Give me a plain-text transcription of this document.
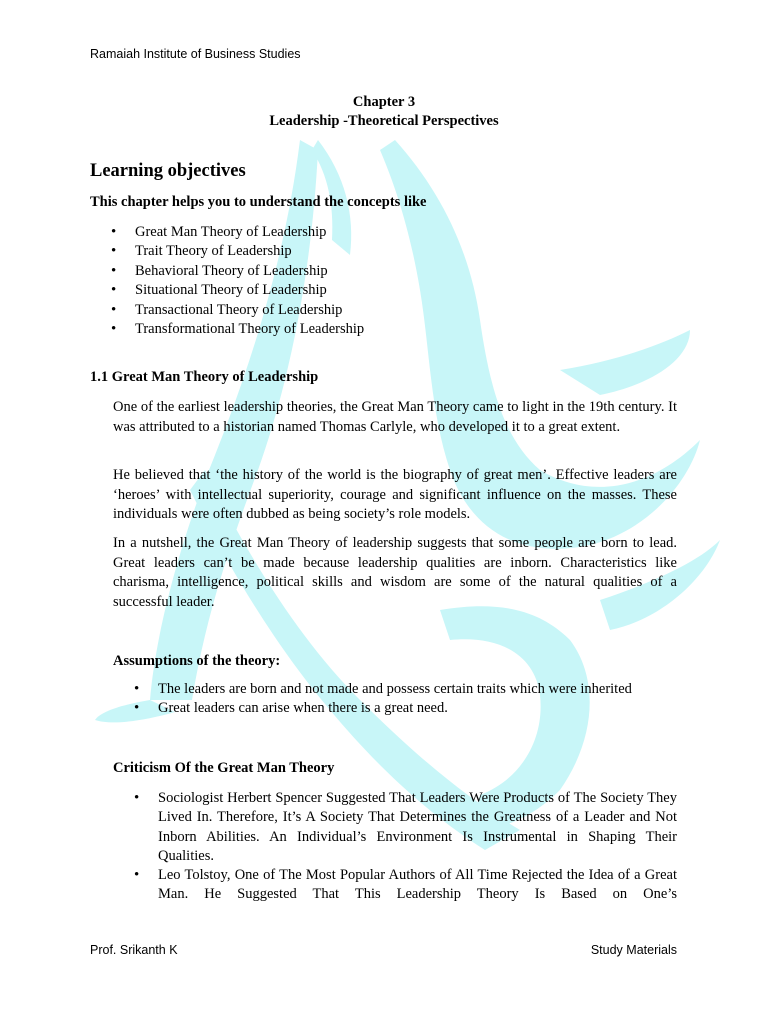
Ramaiah Institute of Business Studies
Chapter 3
Leadership -Theoretical Perspectives
Learning objectives
This chapter helps you to understand the concepts like
• Great Man Theory of Leadership
• Trait Theory of Leadership
• Behavioral Theory of Leadership
• Situational Theory of Leadership
• Transactional Theory of Leadership
• Transformational Theory of Leadership
1.1 Great Man Theory of Leadership

One of the earliest leadership theories, the Great Man Theory came to light in the 19th century. It was attributed to a historian named Thomas Carlyle, who developed it to a great extent.

He believed that ‘the history of the world is the biography of great men’. Effective leaders are ‘heroes’ with intellectual superiority, courage and significant influence on the masses. These individuals were often dubbed as being society’s role models.

In a nutshell, the Great Man Theory of leadership suggests that some people are born to lead. Great leaders can’t be made because leadership qualities are inborn. Characteristics like charisma, intelligence, political skills and wisdom are some of the natural qualities of a successful leader.

Assumptions of the theory:
• The leaders are born and not made and possess certain traits which were inherited
• Great leaders can arise when there is a great need.
Criticism Of the Great Man Theory
• Sociologist Herbert Spencer Suggested That Leaders Were Products of The Society They Lived In. Therefore, It’s A Society That Determines the Greatness of a Leader and Not Inborn Abilities. An Individual’s Environment Is Instrumental in Shaping Their Qualities.
• Leo Tolstoy, One of The Most Popular Authors of All Time Rejected the Idea of a Great Man. He Suggested That This Leadership Theory Is Based on One’s
Prof. Srikanth K	Study Materials
